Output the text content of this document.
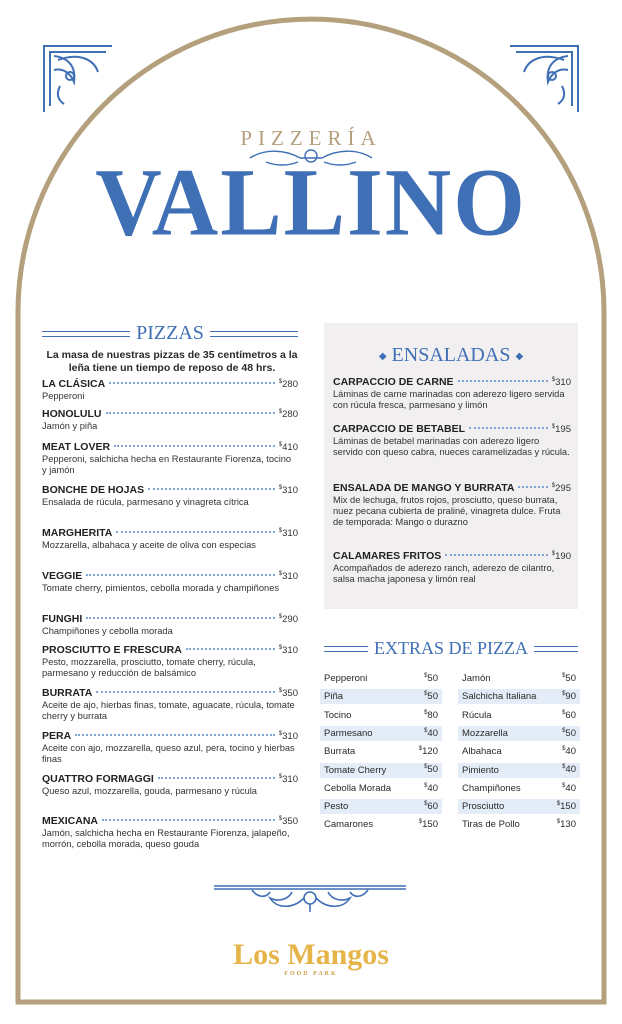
PIZZERÍA
VALLINO
PIZZAS
La masa de nuestras pizzas de 35 centímetros a la leña tiene un tiempo de reposo de 48 hrs.
LA CLÁSICA	$280
Pepperoni
HONOLULU	$280
Jamón y piña
MEAT LOVER	$410
Pepperoni, salchicha hecha en Restaurante Fiorenza, tocino y jamón
BONCHE DE HOJAS	$310
Ensalada de rúcula, parmesano y vinagreta cítrica
MARGHERITA	$310
Mozzarella, albahaca y aceite de oliva con especias
VEGGIE	$310
Tomate cherry, pimientos, cebolla morada y champiñones
FUNGHI	$290
Champiñones y cebolla morada
PROSCIUTTO E FRESCURA	$310
Pesto, mozzarella, prosciutto, tomate cherry, rúcula, parmesano y reducción de balsámico
BURRATA	$350
Aceite de ajo, hierbas finas, tomate, aguacate, rúcula, tomate cherry y burrata
PERA	$310
Aceite con ajo, mozzarella, queso azul, pera, tocino y hierbas finas
QUATTRO FORMAGGI	$310
Queso azul, mozzarella, gouda, parmesano y rúcula
MEXICANA	$350
Jamón, salchicha hecha en Restaurante Fiorenza, jalapeño, morrón, cebolla morada, queso gouda
◆ ENSALADAS ◆
CARPACCIO DE CARNE	$310
Láminas de carne marinadas con aderezo ligero servida con rúcula fresca, parmesano y limón
CARPACCIO DE BETABEL	$195
Láminas de betabel marinadas con aderezo ligero servido con queso cabra, nueces caramelizadas y rúcula.
ENSALADA DE MANGO Y BURRATA	$295
Mix de lechuga, frutos rojos, prosciutto, queso burrata, nuez pecana cubierta de praliné, vinagreta dulce. Fruta de temporada: Mango o durazno
CALAMARES FRITOS	$190
Acompañados de aderezo ranch, aderezo de cilantro, salsa macha japonesa y limón real
EXTRAS DE PIZZA
Pepperoni	$50
Piña	$50
Tocino	$80
Parmesano	$40
Burrata	$120
Tomate Cherry	$50
Cebolla Morada	$40
Pesto	$60
Camarones	$150
Jamón	$50
Salchicha Italiana	$90
Rúcula	$60
Mozzarella	$50
Albahaca	$40
Pimiento	$40
Champiñones	$40
Prosciutto	$150
Tiras de Pollo	$130
Los Mangos
FOOD PARK
